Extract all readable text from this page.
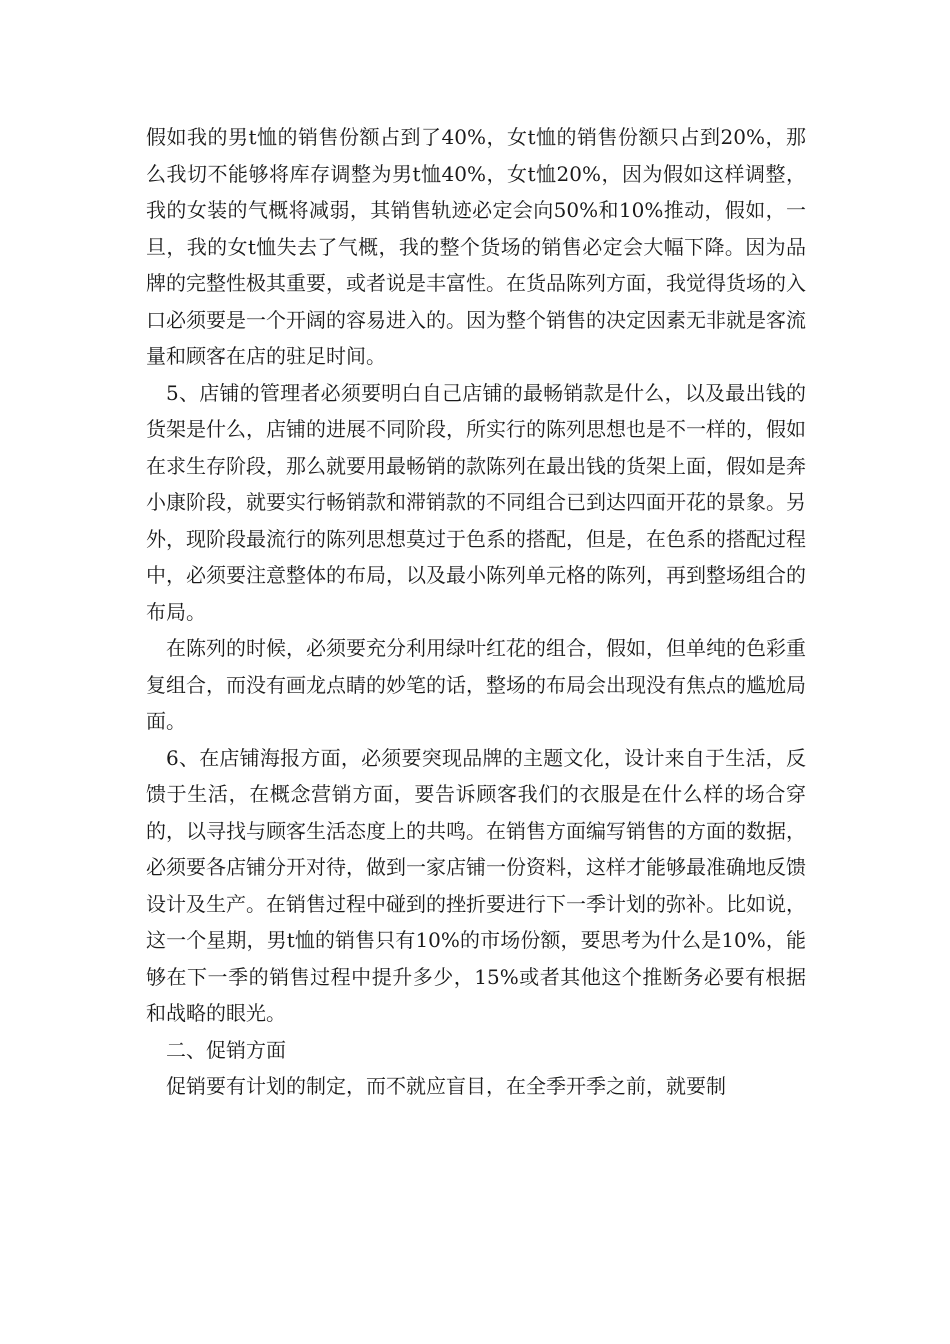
假如我的男t恤的销售份额占到了40%，女t恤的销售份额只占到20%，那么我切不能够将库存调整为男t恤40%，女t恤20%，因为假如这样调整，我的女装的气概将减弱，其销售轨迹必定会向50%和10%推动，假如，一旦，我的女t恤失去了气概，我的整个货场的销售必定会大幅下降。因为品牌的完整性极其重要，或者说是丰富性。在货品陈列方面，我觉得货场的入口必须要是一个开阔的容易进入的。因为整个销售的决定因素无非就是客流量和顾客在店的驻足时间。

5、店铺的管理者必须要明白自己店铺的最畅销款是什么，以及最出钱的货架是什么，店铺的进展不同阶段，所实行的陈列思想也是不一样的，假如在求生存阶段，那么就要用最畅销的款陈列在最出钱的货架上面，假如是奔小康阶段，就要实行畅销款和滞销款的不同组合已到达四面开花的景象。另外，现阶段最流行的陈列思想莫过于色系的搭配，但是，在色系的搭配过程中，必须要注意整体的布局，以及最小陈列单元格的陈列，再到整场组合的布局。

在陈列的时候，必须要充分利用绿叶红花的组合，假如，但单纯的色彩重复组合，而没有画龙点睛的妙笔的话，整场的布局会出现没有焦点的尴尬局面。

6、在店铺海报方面，必须要突现品牌的主题文化，设计来自于生活，反馈于生活，在概念营销方面，要告诉顾客我们的衣服是在什么样的场合穿的，以寻找与顾客生活态度上的共鸣。在销售方面编写销售的方面的数据，必须要各店铺分开对待，做到一家店铺一份资料，这样才能够最准确地反馈设计及生产。在销售过程中碰到的挫折要进行下一季计划的弥补。比如说，这一个星期，男t恤的销售只有10%的市场份额，要思考为什么是10%，能够在下一季的销售过程中提升多少，15%或者其他这个推断务必要有根据和战略的眼光。

二、促销方面

促销要有计划的制定，而不就应盲目，在全季开季之前，就要制
